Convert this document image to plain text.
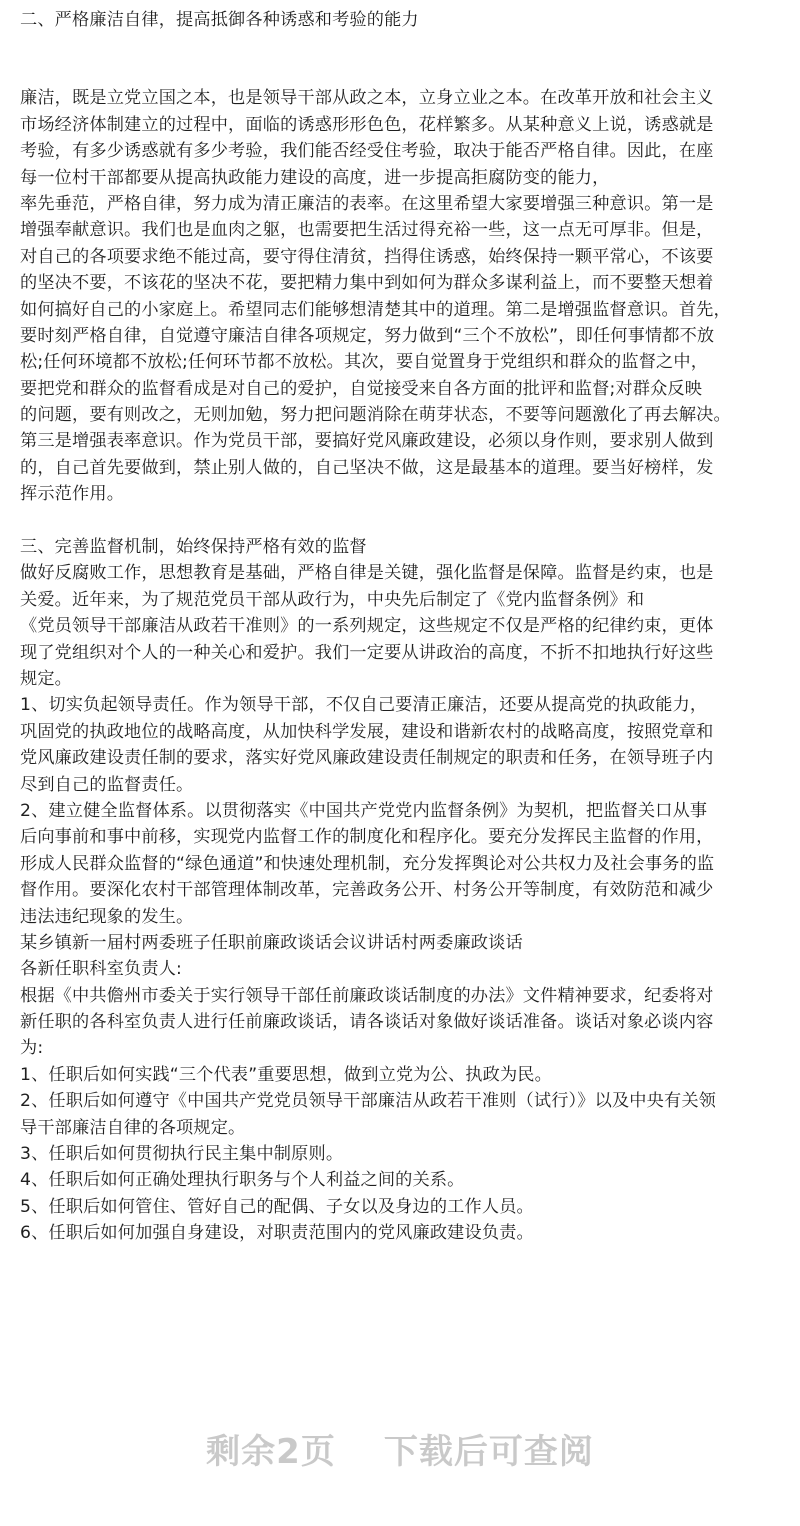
二、严格廉洁自律，提高抵御各种诱惑和考验的能力
廉洁，既是立党立国之本，也是领导干部从政之本，立身立业之本。在改革开放和社会主义
市场经济体制建立的过程中，面临的诱惑形形色色，花样繁多。从某种意义上说，诱惑就是
考验，有多少诱惑就有多少考验，我们能否经受住考验，取决于能否严格自律。因此，在座
每一位村干部都要从提高执政能力建设的高度，进一步提高拒腐防变的能力，
率先垂范，严格自律，努力成为清正廉洁的表率。在这里希望大家要增强三种意识。第一是
增强奉献意识。我们也是血肉之躯，也需要把生活过得充裕一些，这一点无可厚非。但是，
对自己的各项要求绝不能过高，要守得住清贫，挡得住诱惑，始终保持一颗平常心，不该要
的坚决不要，不该花的坚决不花，要把精力集中到如何为群众多谋利益上，而不要整天想着
如何搞好自己的小家庭上。希望同志们能够想清楚其中的道理。第二是增强监督意识。首先，
要时刻严格自律，自觉遵守廉洁自律各项规定，努力做到“三个不放松”，即任何事情都不放
松;任何环境都不放松;任何环节都不放松。其次，要自觉置身于党组织和群众的监督之中，
要把党和群众的监督看成是对自己的爱护，自觉接受来自各方面的批评和监督;对群众反映
的问题，要有则改之，无则加勉，努力把问题消除在萌芽状态，不要等问题激化了再去解决。
第三是增强表率意识。作为党员干部，要搞好党风廉政建设，必须以身作则，要求别人做到
的，自己首先要做到，禁止别人做的，自己坚决不做，这是最基本的道理。要当好榜样，发
挥示范作用。
三、完善监督机制，始终保持严格有效的监督
做好反腐败工作，思想教育是基础，严格自律是关键，强化监督是保障。监督是约束，也是
关爱。近年来，为了规范党员干部从政行为，中央先后制定了《党内监督条例》和
《党员领导干部廉洁从政若干准则》的一系列规定，这些规定不仅是严格的纪律约束，更体
现了党组织对个人的一种关心和爱护。我们一定要从讲政治的高度，不折不扣地执行好这些
规定。
1、切实负起领导责任。作为领导干部，不仅自己要清正廉洁，还要从提高党的执政能力，
巩固党的执政地位的战略高度，从加快科学发展，建设和谐新农村的战略高度，按照党章和
党风廉政建设责任制的要求，落实好党风廉政建设责任制规定的职责和任务，在领导班子内
尽到自己的监督责任。
2、建立健全监督体系。以贯彻落实《中国共产党党内监督条例》为契机，把监督关口从事
后向事前和事中前移，实现党内监督工作的制度化和程序化。要充分发挥民主监督的作用，
形成人民群众监督的“绿色通道”和快速处理机制，充分发挥舆论对公共权力及社会事务的监
督作用。要深化农村干部管理体制改革，完善政务公开、村务公开等制度，有效防范和减少
违法违纪现象的发生。
某乡镇新一届村两委班子任职前廉政谈话会议讲话村两委廉政谈话
各新任职科室负责人:
根据《中共儋州市委关于实行领导干部任前廉政谈话制度的办法》文件精神要求，纪委将对
新任职的各科室负责人进行任前廉政谈话，请各谈话对象做好谈话准备。谈话对象必谈内容
为:
1、任职后如何实践“三个代表”重要思想，做到立党为公、执政为民。
2、任职后如何遵守《中国共产党党员领导干部廉洁从政若干准则（试行）》以及中央有关领
导干部廉洁自律的各项规定。
3、任职后如何贯彻执行民主集中制原则。
4、任职后如何正确处理执行职务与个人利益之间的关系。
5、任职后如何管住、管好自己的配偶、子女以及身边的工作人员。
6、任职后如何加强自身建设，对职责范围内的党风廉政建设负责。
剩余2页 下载后可查阅
